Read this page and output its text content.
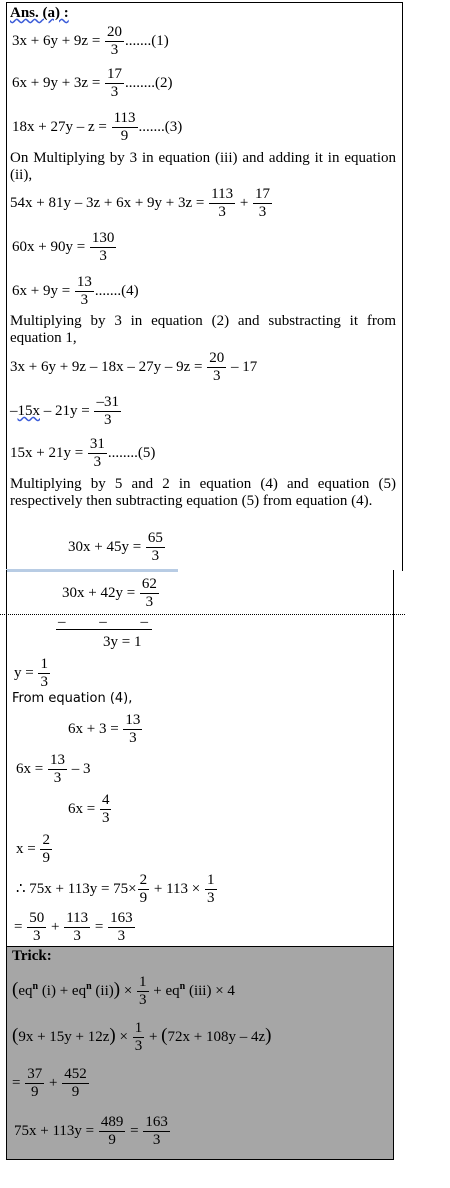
Ans. (a) :
$3x + 6y + 9z = \frac{20}{3} .......(1)$
$6x + 9y + 3z = \frac{17}{3} ........(2)$
$18x + 27y - z = \frac{113}{9} .......(3)$
On Multiplying by 3 in equation (iii) and adding it in equation (ii),
$54x + 81y - 3z + 6x + 9y + 3z = \frac{113}{3} + \frac{17}{3}$
$60x + 90y = \frac{130}{3}$
$6x + 9y = \frac{13}{3} .......(4)$
Multiplying by 3 in equation (2) and substracting it from equation 1,
$3x + 6y + 9z - 18x - 27y - 9z = \frac{20}{3} - 17$
$-15x - 21y = \frac{-31}{3}$
$15x + 21y = \frac{31}{3} ........(5)$
Multiplying by 5 and 2 in equation (4) and equation (5) respectively then subtracting equation (5) from equation (4).
$30x + 45y = \frac{65}{3}$
$30x + 42y = \frac{62}{3}$
–         –         –
3y = 1
$y = \frac{1}{3}$
From equation (4),
$6x + 3 = \frac{13}{3}$
$6x = \frac{13}{3} - 3$
$6x = \frac{4}{3}$
$x = \frac{2}{9}$
∴ $75x + 113y = 75\times \frac{2}{9} + 113 \times \frac{1}{3}$
= $\frac{50}{3} + \frac{113}{3} = \frac{163}{3}$
Trick:
($eq^n$ $(i) + eq^n$ $(ii)) \times \frac{1}{3} + eq^n$ (iii) × 4
$(9x + 15y + 12z) \times \frac{1}{3} + (72x + 108y - 4z)$
= $\frac{37}{9} + \frac{452}{9}$
$75x + 113y = \frac{489}{9} = \frac{163}{3}$
